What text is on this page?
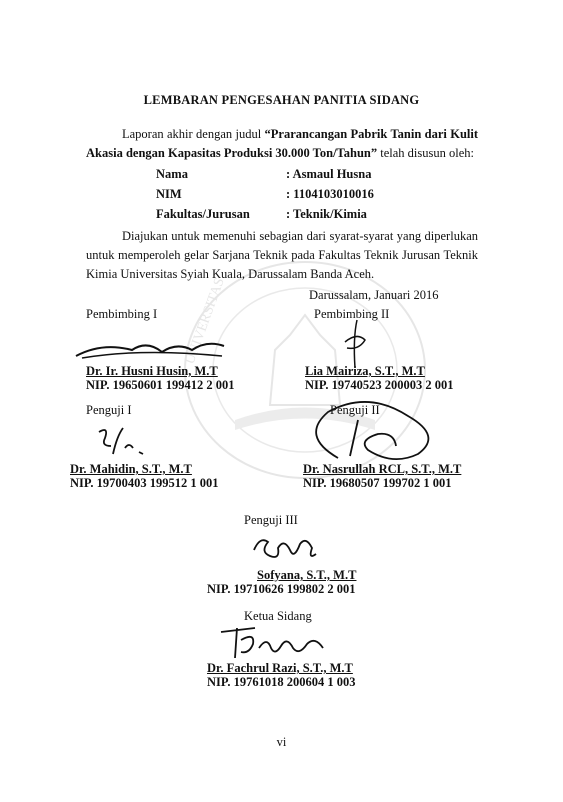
UNIVERSITAS
LEMBARAN PENGESAHAN PANITIA SIDANG
Laporan akhir dengan judul “Prarancangan Pabrik Tanin dari Kulit Akasia dengan Kapasitas Produksi 30.000 Ton/Tahun” telah disusun oleh:
Nama	: Asmaul Husna
NIM	: 1104103010016
Fakultas/Jurusan	: Teknik/Kimia
Diajukan untuk memenuhi sebagian dari syarat-syarat yang diperlukan untuk memperoleh gelar Sarjana Teknik pada Fakultas Teknik Jurusan Teknik Kimia Universitas Syiah Kuala, Darussalam Banda Aceh.
Darussalam, Januari 2016
Pembimbing I
Dr. Ir. Husni Husin, M.T
NIP. 19650601 199412 2 001
Pembimbing II
Lia Mairiza, S.T., M.T
NIP. 19740523 200003 2 001
Penguji I
Dr. Mahidin, S.T., M.T
NIP. 19700403 199512 1 001
Penguji II
Dr. Nasrullah RCL, S.T., M.T
NIP. 19680507 199702 1 001
Penguji III
Sofyana, S.T., M.T
NIP. 19710626 199802 2 001
Ketua Sidang
Dr. Fachrul Razi, S.T., M.T
NIP. 19761018 200604 1 003
vi
